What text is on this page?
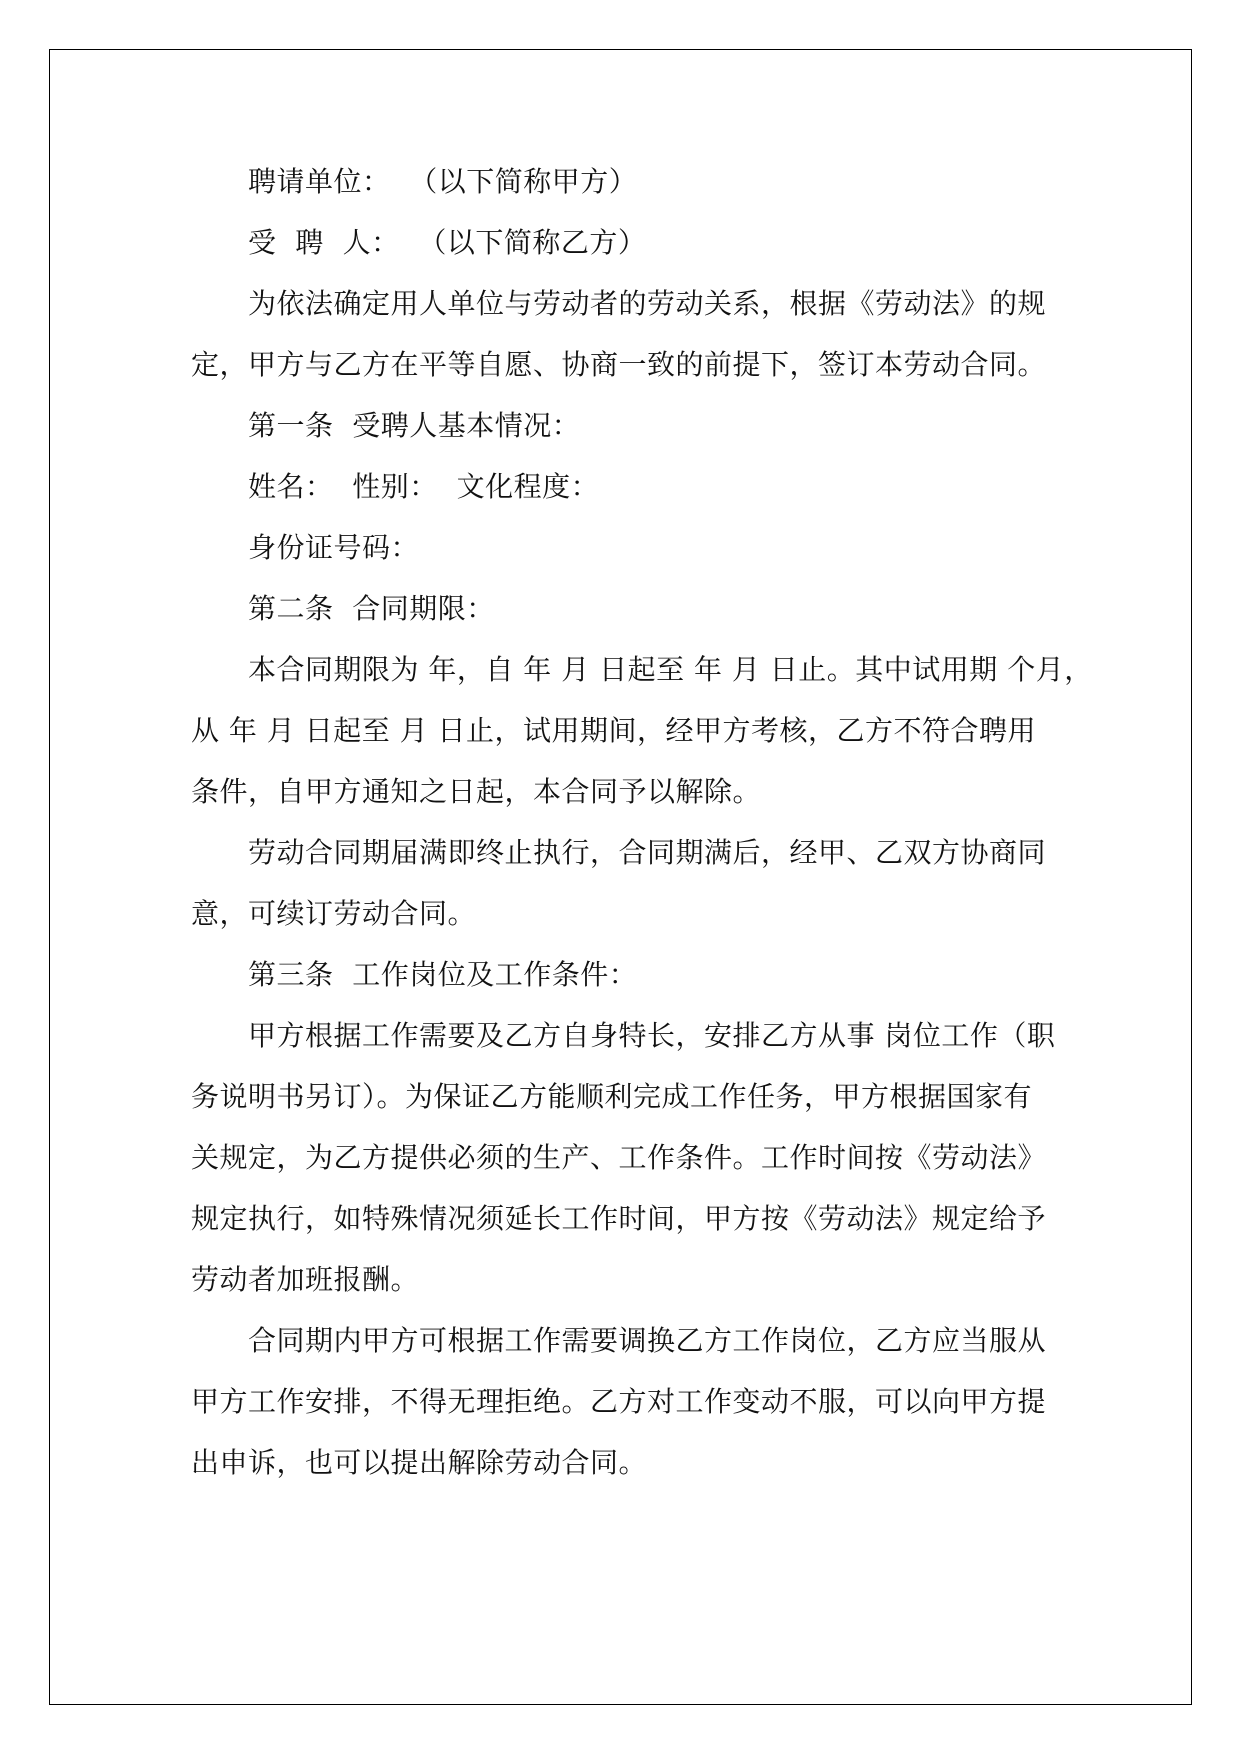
聘请单位：  （以下简称甲方）
受  聘  人：  （以下简称乙方）
为依法确定用人单位与劳动者的劳动关系，根据《劳动法》的规
定，甲方与乙方在平等自愿、协商一致的前提下，签订本劳动合同。
第一条  受聘人基本情况：
姓名：  性别：  文化程度：
身份证号码：
第二条  合同期限：
本合同期限为 年，自 年 月 日起至 年 月 日止。其中试用期 个月，
从 年 月 日起至 月 日止，试用期间，经甲方考核，乙方不符合聘用
条件，自甲方通知之日起，本合同予以解除。
劳动合同期届满即终止执行，合同期满后，经甲、乙双方协商同
意，可续订劳动合同。
第三条  工作岗位及工作条件：
甲方根据工作需要及乙方自身特长，安排乙方从事 岗位工作（职
务说明书另订）。为保证乙方能顺利完成工作任务，甲方根据国家有
关规定，为乙方提供必须的生产、工作条件。工作时间按《劳动法》
规定执行，如特殊情况须延长工作时间，甲方按《劳动法》规定给予
劳动者加班报酬。
合同期内甲方可根据工作需要调换乙方工作岗位，乙方应当服从
甲方工作安排，不得无理拒绝。乙方对工作变动不服，可以向甲方提
出申诉，也可以提出解除劳动合同。
